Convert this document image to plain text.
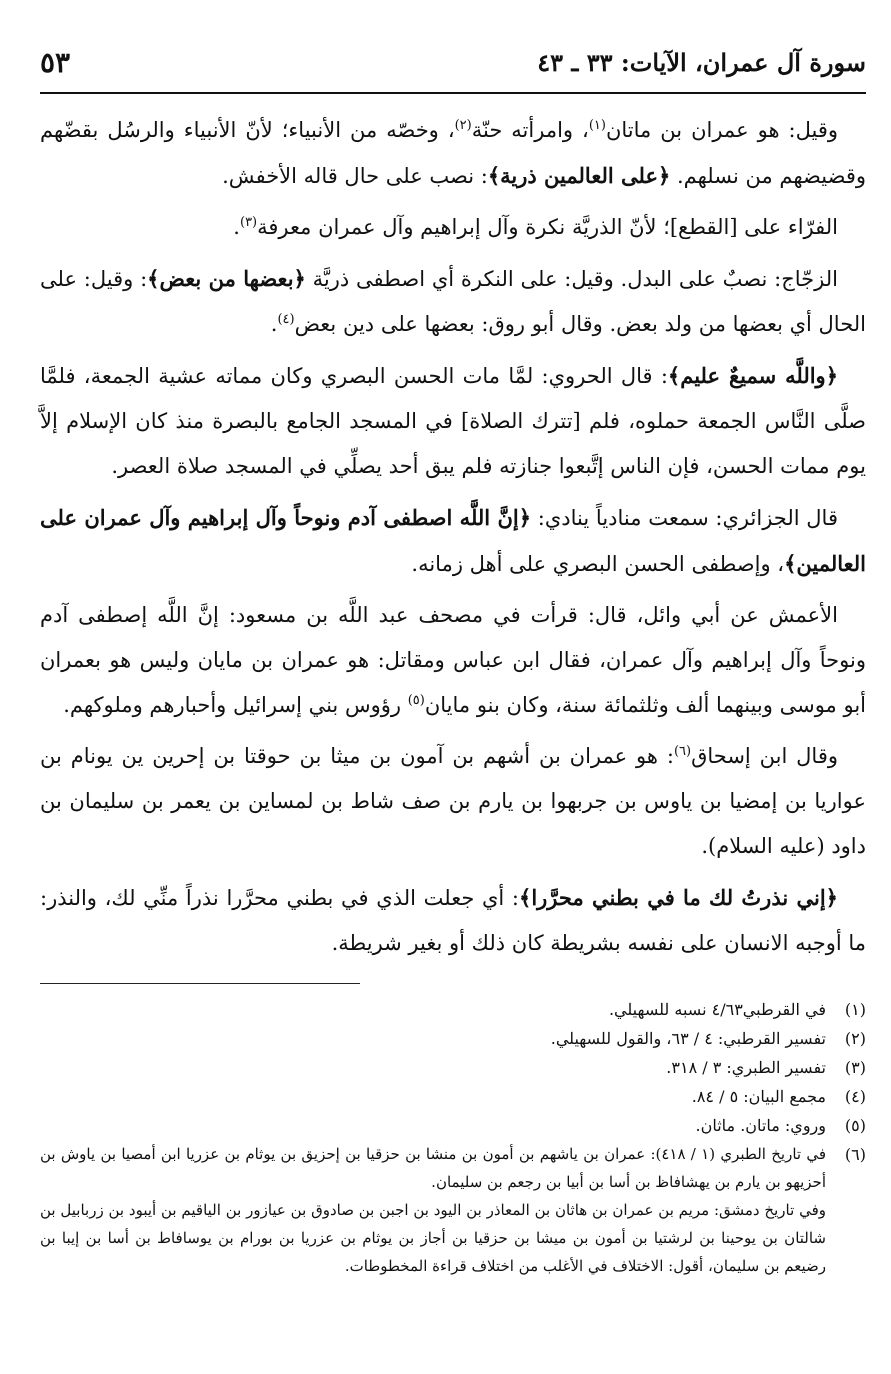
سورة آل عمران، الآيات: ٣٣ ـ ٤٣
٥٣

وقيل: هو عمران بن ماتان$^{(١)}$، وامرأته حنّة$^{(٢)}$، وخصّه من الأنبياء؛ لأنّ الأنبياء والرسُل بقضّهم وقضيضهم من نسلهم. ﴿على العالمين ذرية﴾: نصب على حال قاله الأخفش.

الفرّاء على [القطع]؛ لأنّ الذريَّة نكرة وآل إبراهيم وآل عمران معرفة$^{(٣)}$.

الزجّاج: نصبٌ على البدل. وقيل: على النكرة أي اصطفى ذريَّة ﴿بعضها من بعض﴾: وقيل: على الحال أي بعضها من ولد بعض. وقال أبو روق: بعضها على دين بعض$^{(٤)}$.

﴿واللَّه سميعٌ عليم﴾: قال الحروي: لمَّا مات الحسن البصري وكان مماته عشية الجمعة، فلمَّا صلَّى النَّاس الجمعة حملوه، فلم [تترك الصلاة] في المسجد الجامع بالبصرة منذ كان الإسلام إلاَّ يوم ممات الحسن، فإن الناس إتَّبعوا جنازته فلم يبق أحد يصلِّي في المسجد صلاة العصر.

قال الجزائري: سمعت منادياً ينادي: ﴿إنَّ اللَّه اصطفى آدم ونوحاً وآل إبراهيم وآل عمران على العالمين﴾، وإصطفى الحسن البصري على أهل زمانه.

الأعمش عن أبي وائل، قال: قرأت في مصحف عبد اللَّه بن مسعود: إنَّ اللَّه إصطفى آدم ونوحاً وآل إبراهيم وآل عمران، فقال ابن عباس ومقاتل: هو عمران بن مايان وليس هو بعمران أبو موسى وبينهما ألف وثلثمائة سنة، وكان بنو مايان$^{(٥)}$ رؤوس بني إسرائيل وأحبارهم وملوكهم.

وقال ابن إسحاق$^{(٦)}$: هو عمران بن أشهم بن آمون بن ميثا بن حوقتا بن إحرين ين يونام بن عواريا بن إمضيا بن ياوس بن جربهوا بن يارم بن صف شاط بن لمساين بن يعمر بن سليمان بن داود (عليه السلام).

﴿إني نذرتُ لك ما في بطني محرَّرا﴾: أي جعلت الذي في بطني محرَّرا نذراً منِّي لك، والنذر: ما أوجبه الانسان على نفسه بشريطة كان ذلك أو بغير شريطة.

(١)
في القرطبي٤/٦٣ نسبه للسهيلي.
(٢)
تفسير القرطبي: ٤ / ٦٣، والقول للسهيلي.
(٣)
تفسير الطبري: ٣ / ٣١٨.
(٤)
مجمع البيان: ٥ / ٨٤.
(٥)
وروي: ماتان. ماثان.
(٦)
في تاريخ الطبري (١ / ٤١٨): عمران بن ياشهم بن أمون بن منشا بن حزقيا بن إحزيق بن يوثام بن عزريا ابن أمصيا بن ياوش بن أحزيهو بن يارم بن يهشافاظ بن أسا بن أبيا بن رجعم بن سليمان.
وفي تاريخ دمشق: مريم بن عمران بن هاثان بن المعاذر بن اليود بن اجبن بن صادوق بن عيازور بن الياقيم بن أيبود بن زربابيل بن شالتان بن يوحينا بن لرشتيا بن أمون بن ميشا بن حزقيا بن أجاز بن يوثام بن عزريا بن بورام بن يوسافاط بن أسا بن إيبا بن رضيعم بن سليمان، أقول: الاختلاف في الأغلب من اختلاف قراءة المخطوطات.
